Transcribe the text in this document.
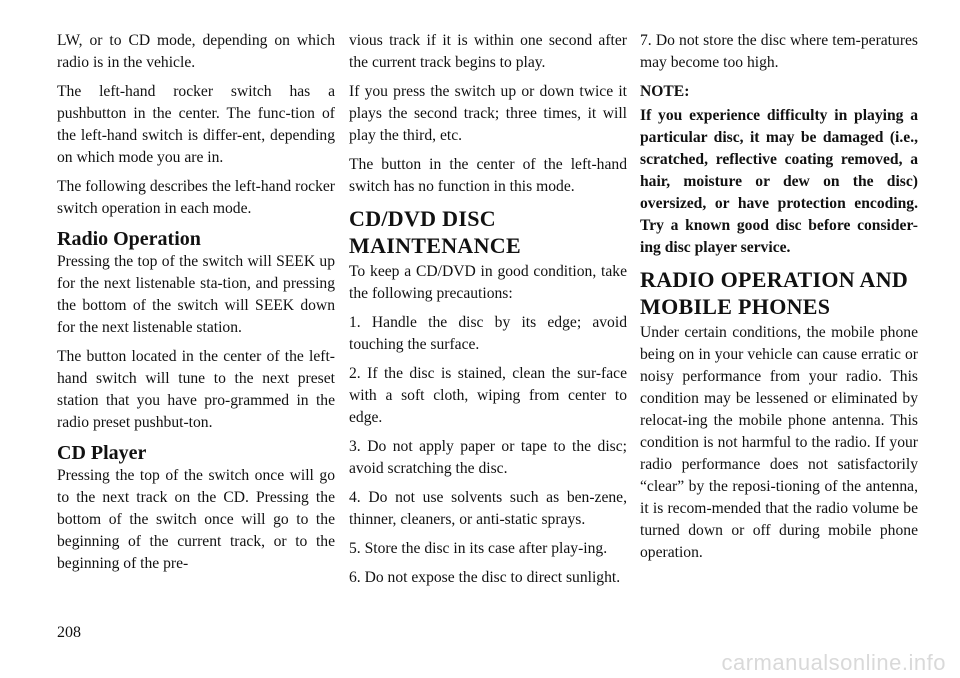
LW, or to CD mode, depending on which radio is in the vehicle.

The left-hand rocker switch has a pushbutton in the center. The func-tion of the left-hand switch is differ-ent, depending on which mode you are in.

The following describes the left-hand rocker switch operation in each mode.

Radio Operation

Pressing the top of the switch will SEEK up for the next listenable sta-tion, and pressing the bottom of the switch will SEEK down for the next listenable station.

The button located in the center of the left-hand switch will tune to the next preset station that you have pro-grammed in the radio preset pushbut-ton.

CD Player

Pressing the top of the switch once will go to the next track on the CD. Pressing the bottom of the switch once will go to the beginning of the current track, or to the beginning of the pre-

vious track if it is within one second after the current track begins to play.

If you press the switch up or down twice it plays the second track; three times, it will play the third, etc.

The button in the center of the left-hand switch has no function in this mode.

CD/DVD DISC
MAINTENANCE

To keep a CD/DVD in good condition, take the following precautions:

1. Handle the disc by its edge; avoid touching the surface.

2. If the disc is stained, clean the sur-face with a soft cloth, wiping from center to edge.

3. Do not apply paper or tape to the disc; avoid scratching the disc.

4. Do not use solvents such as ben-zene, thinner, cleaners, or anti-static sprays.

5. Store the disc in its case after play-ing.

6. Do not expose the disc to direct sunlight.

7. Do not store the disc where tem-peratures may become too high.

NOTE:

If you experience difficulty in playing a particular disc, it may be damaged (i.e., scratched, reflective coating removed, a hair, moisture or dew on the disc) oversized, or have protection encoding. Try a known good disc before consider-ing disc player service.

RADIO OPERATION AND
MOBILE PHONES

Under certain conditions, the mobile phone being on in your vehicle can cause erratic or noisy performance from your radio. This condition may be lessened or eliminated by relocat-ing the mobile phone antenna. This condition is not harmful to the radio. If your radio performance does not satisfactorily “clear” by the reposi-tioning of the antenna, it is recom-mended that the radio volume be turned down or off during mobile phone operation.

208
carmanualsonline.info
